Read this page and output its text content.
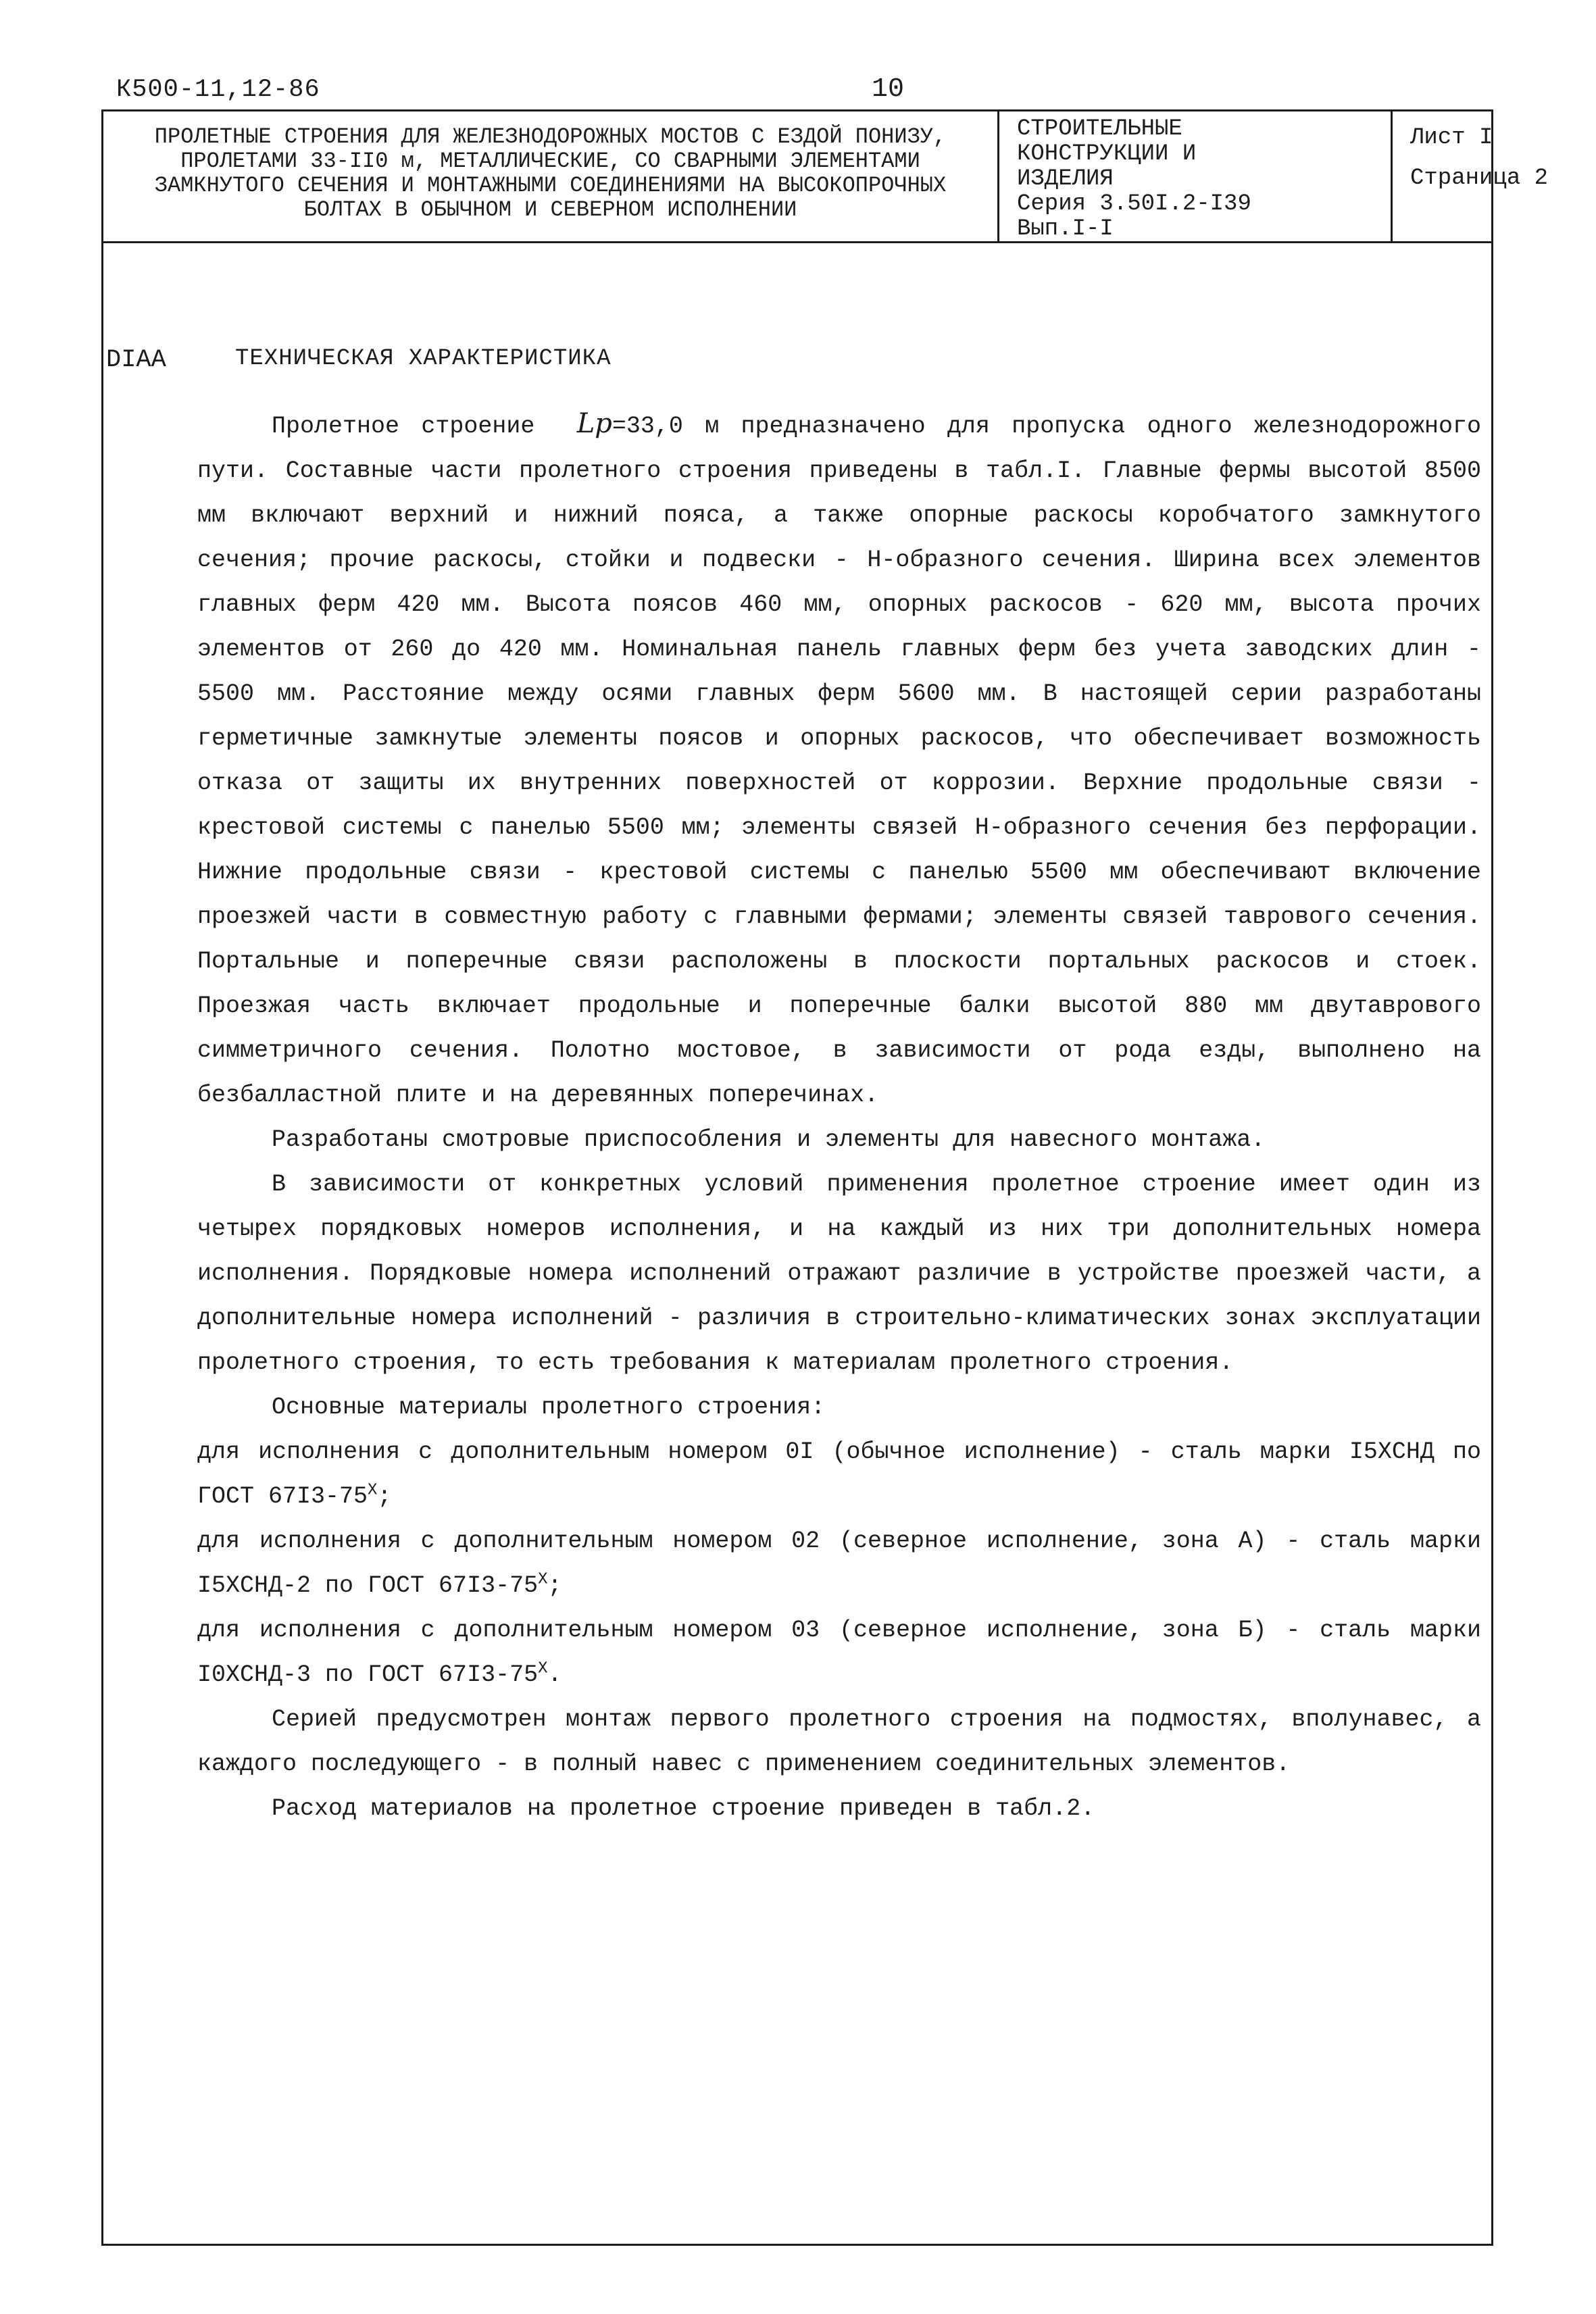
К500-11,12-86	10
ПРОЛЕТНЫЕ СТРОЕНИЯ ДЛЯ ЖЕЛЕЗНОДОРОЖНЫХ МОСТОВ С ЕЗДОЙ ПОНИЗУ,
ПРОЛЕТАМИ 33-II0 м, МЕТАЛЛИЧЕСКИЕ, СО СВАРНЫМИ ЭЛЕМЕНТАМИ
ЗАМКНУТОГО СЕЧЕНИЯ И МОНТАЖНЫМИ СОЕДИНЕНИЯМИ НА ВЫСОКОПРОЧНЫХ
БОЛТАХ В ОБЫЧНОМ И СЕВЕРНОМ ИСПОЛНЕНИИ
СТРОИТЕЛЬНЫЕ
КОНСТРУКЦИИ И
ИЗДЕЛИЯ
Серия 3.50I.2-I39
Вып.I-I
Лист I
Страница 2
DIAA	ТЕХНИЧЕСКАЯ ХАРАКТЕРИСТИКА

Пролетное строение Lp=33,0 м предназначено для пропуска одного железнодорожного пути. Составные части пролетного строения приведены в табл.I. Главные фермы высотой 8500 мм включают верхний и нижний пояса, а также опорные раскосы коробчатого замкнутого сечения; прочие раскосы, стойки и подвески - Н-образного сечения. Ширина всех элементов главных ферм 420 мм. Высота поясов 460 мм, опорных раскосов - 620 мм, высота прочих элементов от 260 до 420 мм. Номинальная панель главных ферм без учета заводских длин - 5500 мм. Расстояние между осями главных ферм 5600 мм. В настоящей серии разработаны герметичные замкнутые элементы поясов и опорных раскосов, что обеспечивает возможность отказа от защиты их внутренних поверхностей от коррозии. Верхние продольные связи - крестовой системы с панелью 5500 мм; элементы связей Н-образного сечения без перфорации. Нижние продольные связи - крестовой системы с панелью 5500 мм обеспечивают включение проезжей части в совместную работу с главными фермами; элементы связей таврового сечения. Портальные и поперечные связи расположены в плоскости портальных раскосов и стоек. Проезжая часть включает продольные и поперечные балки высотой 880 мм двутаврового симметричного сечения. Полотно мостовое, в зависимости от рода езды, выполнено на безбалластной плите и на деревянных поперечинах.

Разработаны смотровые приспособления и элементы для навесного монтажа.

В зависимости от конкретных условий применения пролетное строение имеет один из четырех порядковых номеров исполнения, и на каждый из них три дополнительных номера исполнения. Порядковые номера исполнений отражают различие в устройстве проезжей части, а дополнительные номера исполнений - различия в строительно-климатических зонах эксплуатации пролетного строения, то есть требования к материалам пролетного строения.

Основные материалы пролетного строения:

для исполнения с дополнительным номером 0I (обычное исполнение) - сталь марки I5ХСНД по ГОСТ $67I3-75^Х$;

для исполнения с дополнительным номером 02 (северное исполнение, зона А) - сталь марки I5ХСНД-2 по ГОСТ $67I3-75^Х$;

для исполнения с дополнительным номером 03 (северное исполнение, зона Б) - сталь марки I0ХСНД-3 по ГОСТ $67I3-75^Х$.

Серией предусмотрен монтаж первого пролетного строения на подмостях, вполунавес, а каждого последующего - в полный навес с применением соединительных элементов.

Расход материалов на пролетное строение приведен в табл.2.
